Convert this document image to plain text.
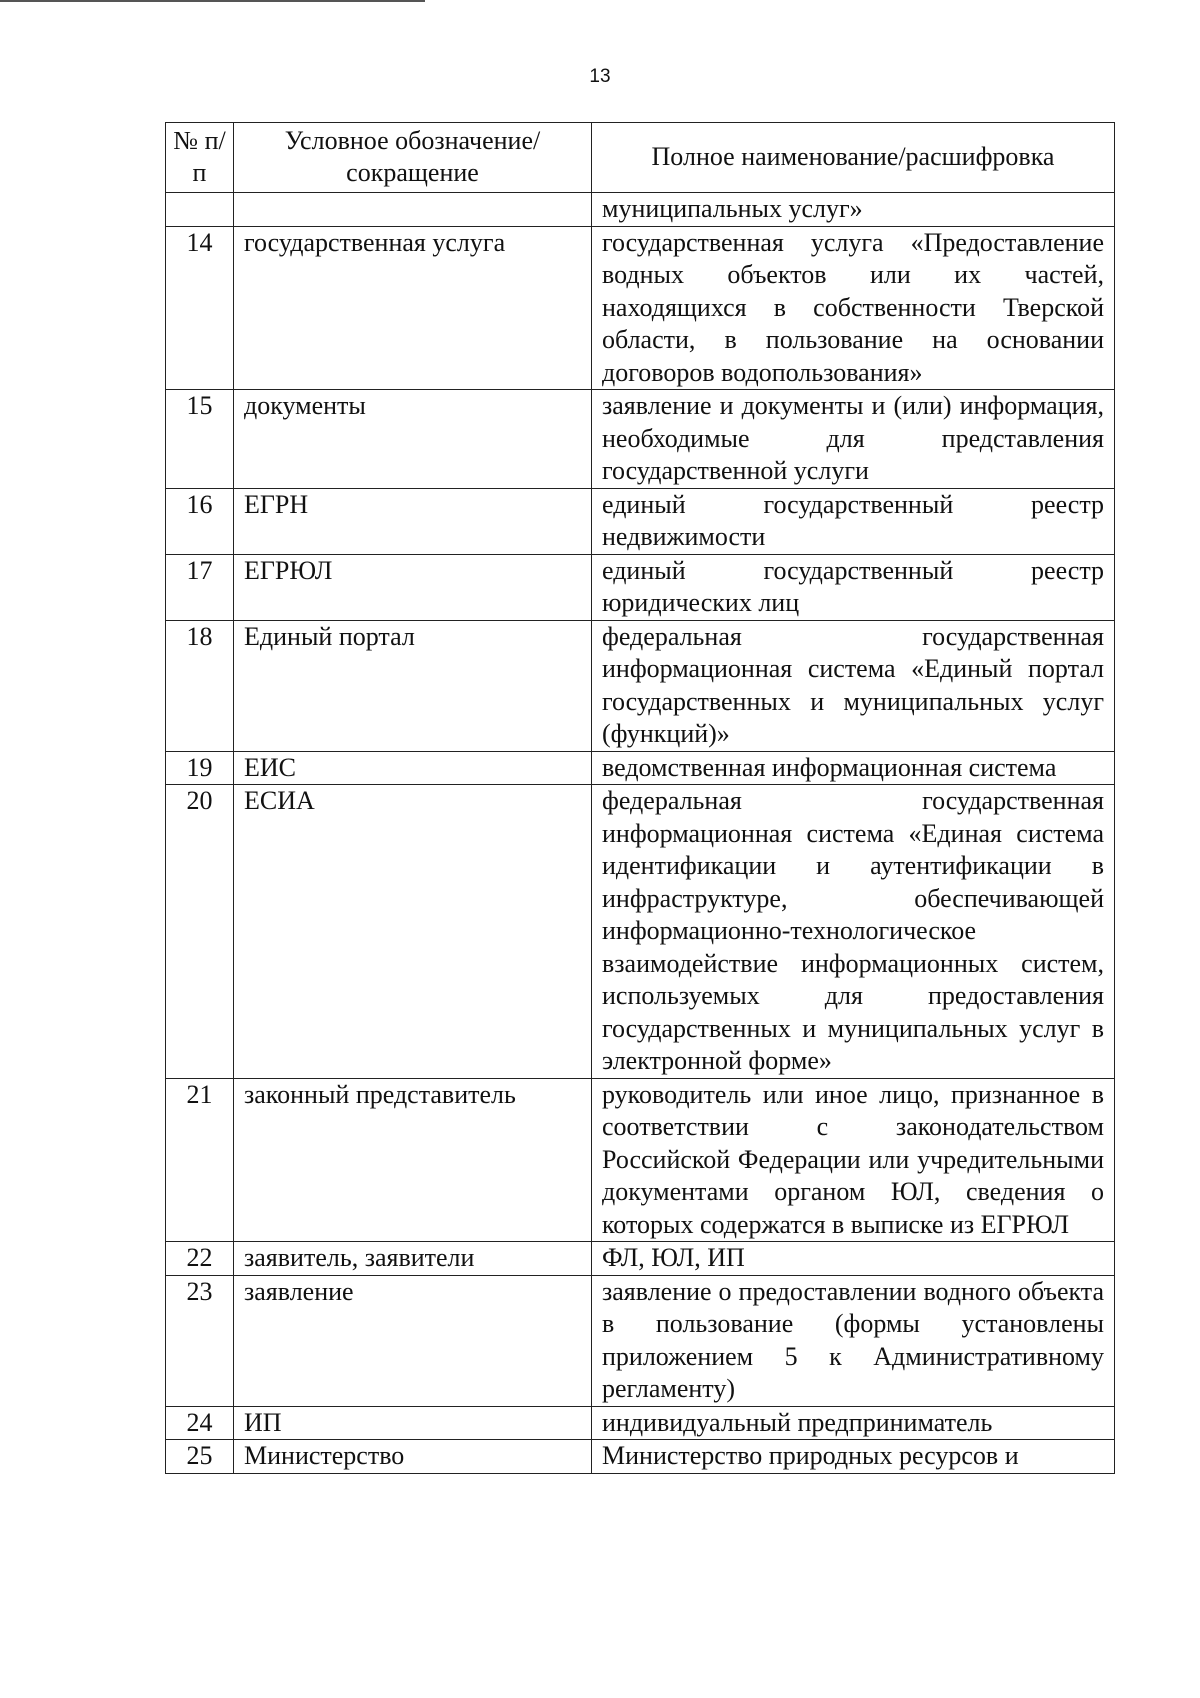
13
№ п/п	Условное обозначение/сокращение	Полное наименование/расшифровка
		муниципальных услуг»
14	государственная услуга	государственная услуга «Предоставление водных объектов или их частей, находящихся в собственности Тверской области, в пользование на основании договоров водопользования»
15	документы	заявление и документы и (или) информация, необходимые для представления государственной услуги
16	ЕГРН	единый государственный реестр недвижимости
17	ЕГРЮЛ	единый государственный реестр юридических лиц
18	Единый портал	федеральная государственная информационная система «Единый портал государственных и муниципальных услуг (функций)»
19	ЕИС	ведомственная информационная система
20	ЕСИА	федеральная государственная информационная система «Единая система идентификации и аутентификации в инфраструктуре, обеспечивающей информационно-технологическое взаимодействие информационных систем, используемых для предоставления государственных и муниципальных услуг в электронной форме»
21	законный представитель	руководитель или иное лицо, признанное в соответствии с законодательством Российской Федерации или учредительными документами органом ЮЛ, сведения о которых содержатся в выписке из ЕГРЮЛ
22	заявитель, заявители	ФЛ, ЮЛ, ИП
23	заявление	заявление о предоставлении водного объекта в пользование (формы установлены приложением 5 к Административному регламенту)
24	ИП	индивидуальный предприниматель
25	Министерство	Министерство природных ресурсов и
